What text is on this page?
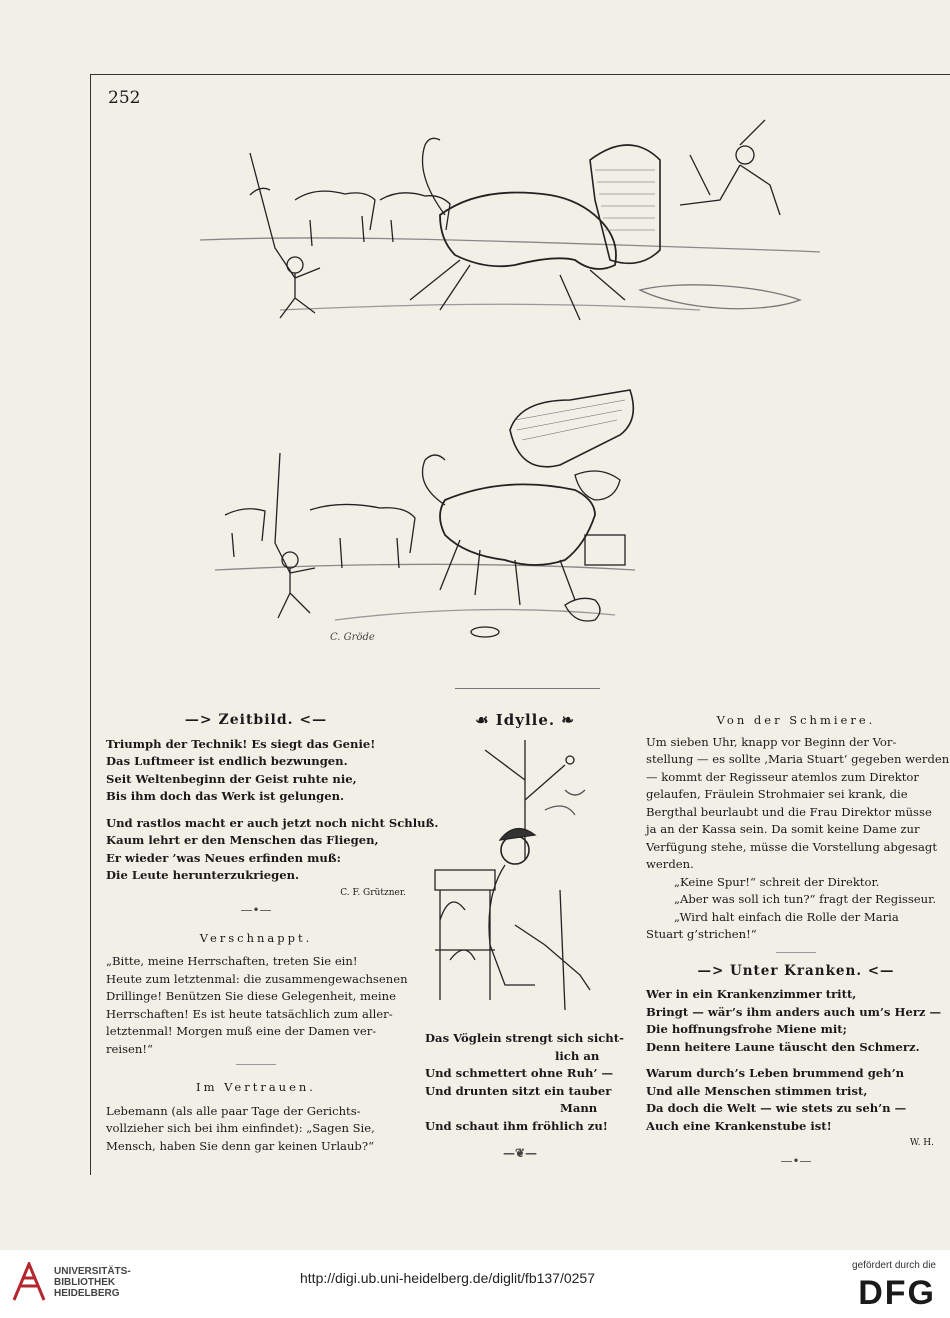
252
C. Gröde
—> Zeitbild. <—
Triumph der Technik! Es siegt das Genie!
Das Luftmeer ist endlich bezwungen.
Seit Weltenbeginn der Geist ruhte nie,
Bis ihm doch das Werk ist gelungen.
Und rastlos macht er auch jetzt noch nicht Schluß.
Kaum lehrt er den Menschen das Fliegen,
Er wieder ’was Neues erfinden muß:
Die Leute herunterzukriegen.
C. F. Grützner.
—•—
Verschnappt.
„Bitte, meine Herrschaften, treten Sie ein!
Heute zum letztenmal: die zusammengewachsenen
Drillinge! Benützen Sie diese Gelegenheit, meine
Herrschaften! Es ist heute tatsächlich zum aller-
letztenmal! Morgen muß eine der Damen ver-
reisen!“
Im Vertrauen.
Lebemann (als alle paar Tage der Gerichts-
vollzieher sich bei ihm einfindet): „Sagen Sie,
Mensch, haben Sie denn gar keinen Urlaub?“
☙ Idylle. ❧
Das Vöglein strengt sich sicht-
lich an
Und schmettert ohne Ruh’ —
Und drunten sitzt ein tauber
Mann
Und schaut ihm fröhlich zu!
—❦—
Von der Schmiere.
Um sieben Uhr, knapp vor Beginn der Vor-
stellung — es sollte ‚Maria Stuart‘ gegeben werden
— kommt der Regisseur atemlos zum Direktor
gelaufen, Fräulein Strohmaier sei krank, die
Bergthal beurlaubt und die Frau Direktor müsse
ja an der Kassa sein. Da somit keine Dame zur
Verfügung stehe, müsse die Vorstellung abgesagt
werden.
„Keine Spur!“ schreit der Direktor.
„Aber was soll ich tun?“ fragt der Regisseur.
„Wird halt einfach die Rolle der Maria
Stuart g’strichen!“
—> Unter Kranken. <—
Wer in ein Krankenzimmer tritt,
Bringt — wär’s ihm anders auch um’s Herz —
Die hoffnungsfrohe Miene mit;
Denn heitere Laune täuscht den Schmerz.
Warum durch’s Leben brummend geh’n
Und alle Menschen stimmen trist,
Da doch die Welt — wie stets zu seh’n —
Auch eine Krankenstube ist!
W. H.
—•—
UNIVERSITÄTS-
BIBLIOTHEK
HEIDELBERG
http://digi.ub.uni-heidelberg.de/diglit/fb137/0257
gefördert durch die
DFG
